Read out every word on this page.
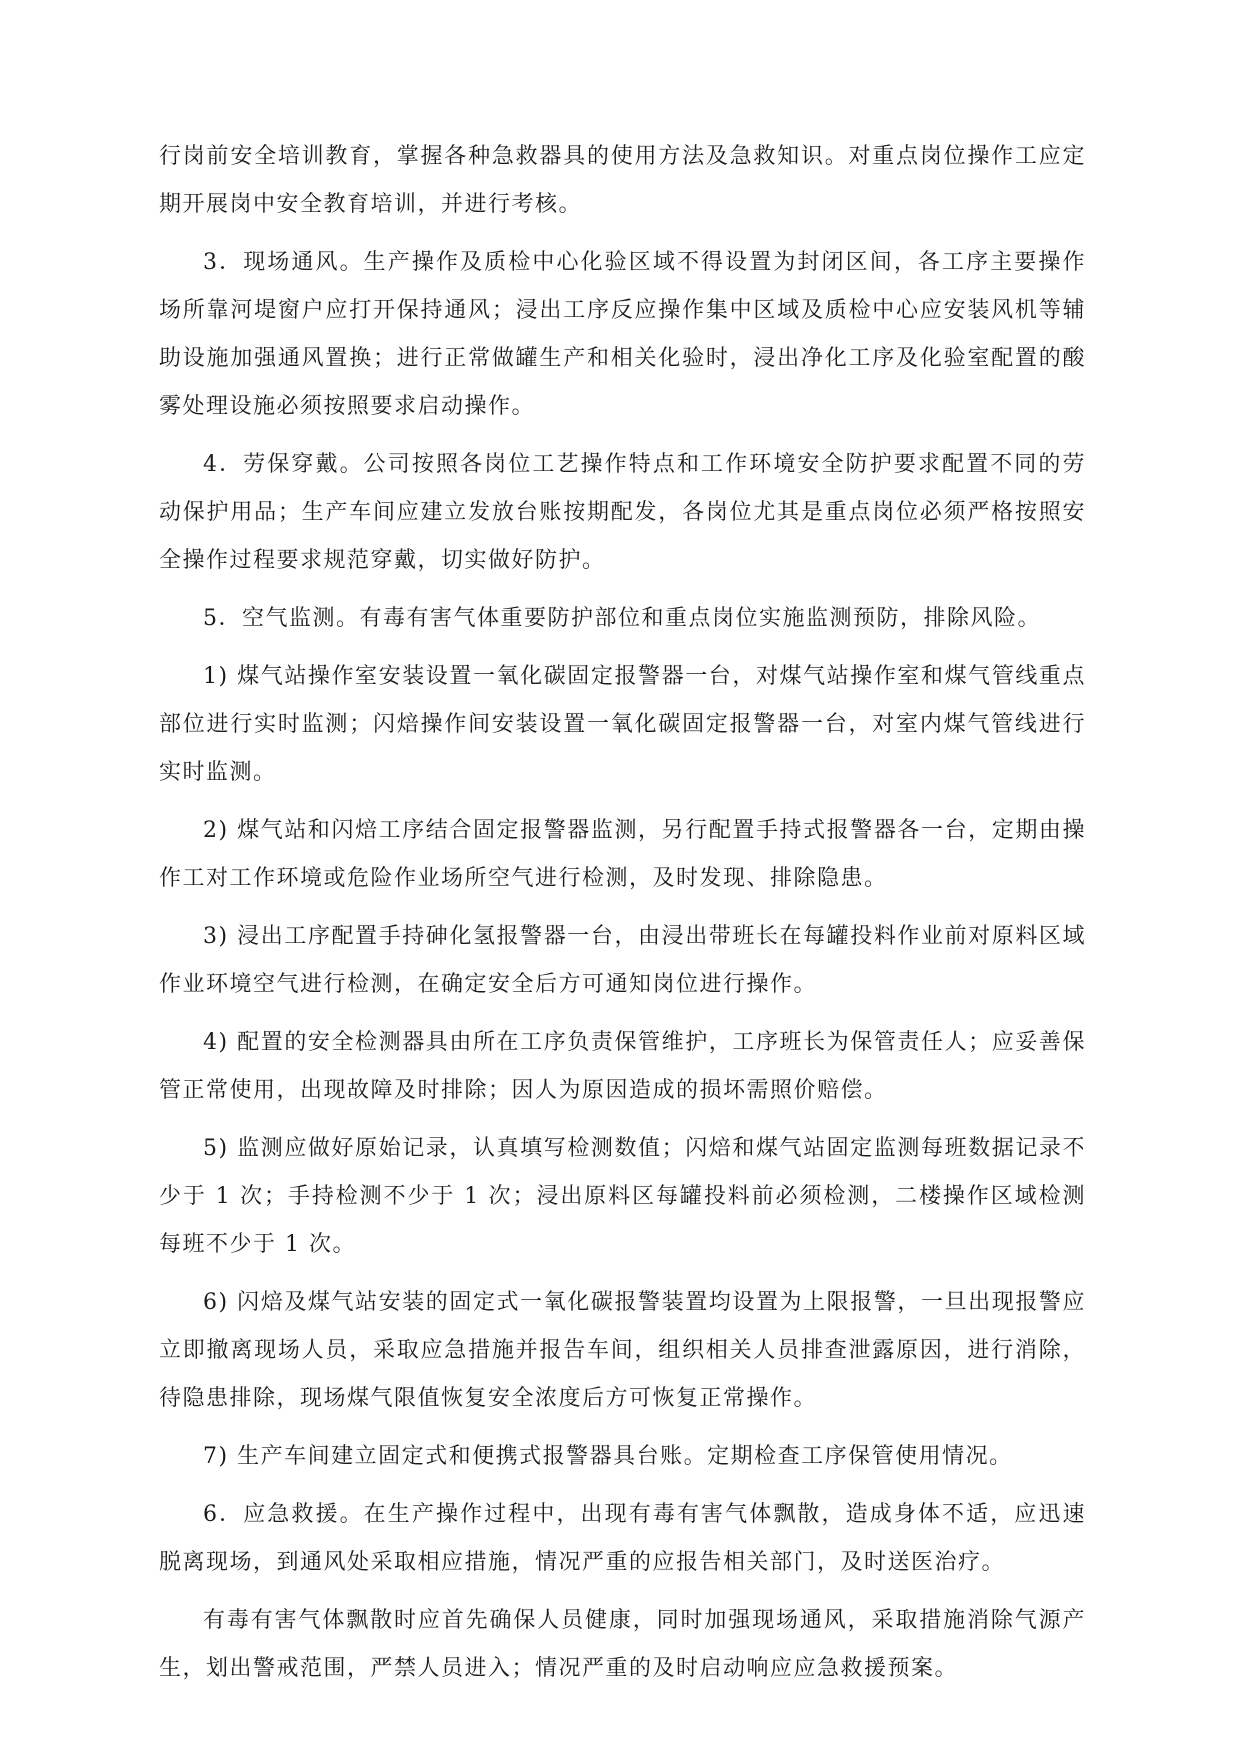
行岗前安全培训教育，掌握各种急救器具的使用方法及急救知识。对重点岗位操作工应定期开展岗中安全教育培训，并进行考核。

3．现场通风。生产操作及质检中心化验区域不得设置为封闭区间，各工序主要操作场所靠河堤窗户应打开保持通风；浸出工序反应操作集中区域及质检中心应安装风机等辅助设施加强通风置换；进行正常做罐生产和相关化验时，浸出净化工序及化验室配置的酸雾处理设施必须按照要求启动操作。

4．劳保穿戴。公司按照各岗位工艺操作特点和工作环境安全防护要求配置不同的劳动保护用品；生产车间应建立发放台账按期配发，各岗位尤其是重点岗位必须严格按照安全操作过程要求规范穿戴，切实做好防护。

5．空气监测。有毒有害气体重要防护部位和重点岗位实施监测预防，排除风险。

1) 煤气站操作室安装设置一氧化碳固定报警器一台，对煤气站操作室和煤气管线重点部位进行实时监测；闪焙操作间安装设置一氧化碳固定报警器一台，对室内煤气管线进行实时监测。

2) 煤气站和闪焙工序结合固定报警器监测，另行配置手持式报警器各一台，定期由操作工对工作环境或危险作业场所空气进行检测，及时发现、排除隐患。

3) 浸出工序配置手持砷化氢报警器一台，由浸出带班长在每罐投料作业前对原料区域作业环境空气进行检测，在确定安全后方可通知岗位进行操作。

4) 配置的安全检测器具由所在工序负责保管维护，工序班长为保管责任人；应妥善保管正常使用，出现故障及时排除；因人为原因造成的损坏需照价赔偿。

5) 监测应做好原始记录，认真填写检测数值；闪焙和煤气站固定监测每班数据记录不少于 1 次；手持检测不少于 1 次；浸出原料区每罐投料前必须检测，二楼操作区域检测每班不少于 1 次。

6) 闪焙及煤气站安装的固定式一氧化碳报警装置均设置为上限报警，一旦出现报警应立即撤离现场人员，采取应急措施并报告车间，组织相关人员排查泄露原因，进行消除，待隐患排除，现场煤气限值恢复安全浓度后方可恢复正常操作。

7) 生产车间建立固定式和便携式报警器具台账。定期检查工序保管使用情况。

6．应急救援。在生产操作过程中，出现有毒有害气体飘散，造成身体不适，应迅速脱离现场，到通风处采取相应措施，情况严重的应报告相关部门，及时送医治疗。

有毒有害气体飘散时应首先确保人员健康，同时加强现场通风，采取措施消除气源产生，划出警戒范围，严禁人员进入；情况严重的及时启动响应应急救援预案。
